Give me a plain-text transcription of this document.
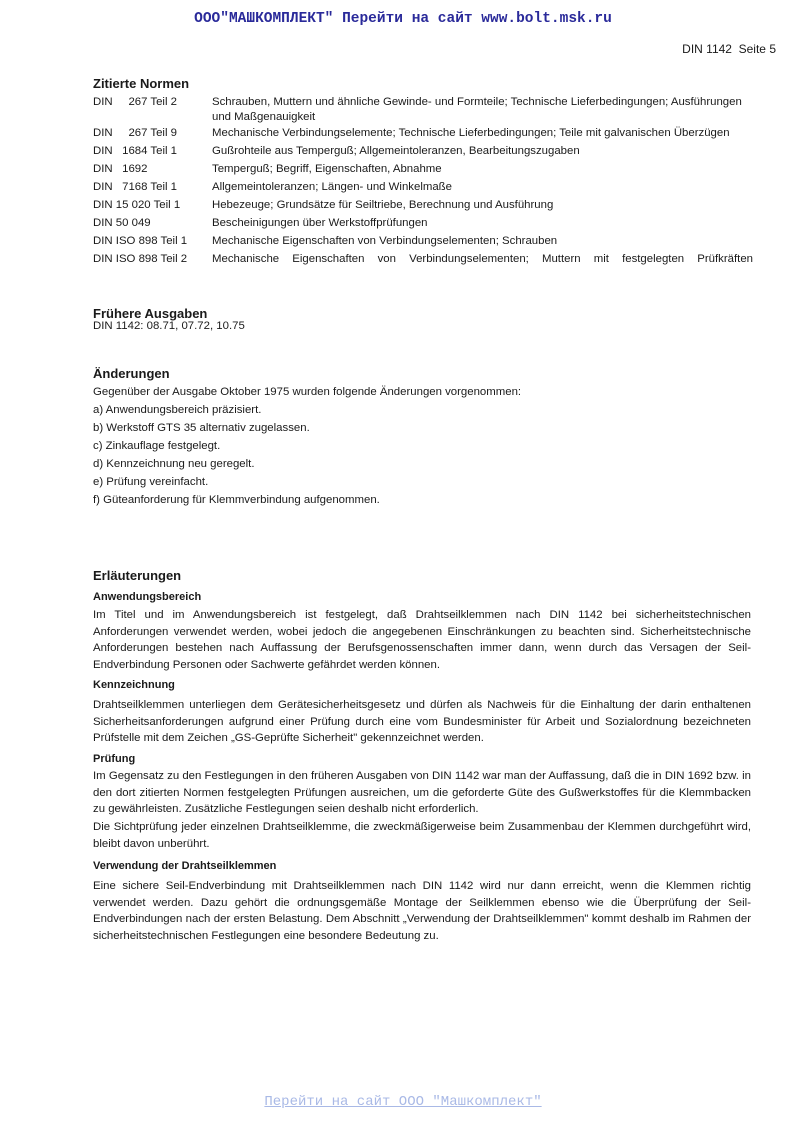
ООО"МАШКОМПЛЕКТ" Перейти на сайт www.bolt.msk.ru
DIN 1142  Seite 5
Zitierte Normen
DIN     267 Teil 2	Schrauben, Muttern und ähnliche Gewinde- und Formteile; Technische Lieferbedingungen; Ausführungen und Maßgenauigkeit
DIN     267 Teil 9	Mechanische Verbindungselemente; Technische Lieferbedingungen; Teile mit galvanischen Überzügen
DIN   1684 Teil 1	Gußrohteile aus Temperguß; Allgemeintoleranzen, Bearbeitungszugaben
DIN   1692	Temperguß; Begriff, Eigenschaften, Abnahme
DIN   7168 Teil 1	Allgemeintoleranzen; Längen- und Winkelmaße
DIN 15 020 Teil 1	Hebezeuge; Grundsätze für Seiltriebe, Berechnung und Ausführung
DIN 50 049	Bescheinigungen über Werkstoffprüfungen
DIN ISO 898 Teil 1	Mechanische Eigenschaften von Verbindungselementen; Schrauben
DIN ISO 898 Teil 2	Mechanische Eigenschaften von Verbindungselementen; Muttern mit festgelegten Prüfkräften
Frühere Ausgaben
DIN 1142: 08.71, 07.72, 10.75
Änderungen
Gegenüber der Ausgabe Oktober 1975 wurden folgende Änderungen vorgenommen:
a) Anwendungsbereich präzisiert.
b) Werkstoff GTS 35 alternativ zugelassen.
c) Zinkauflage festgelegt.
d) Kennzeichnung neu geregelt.
e) Prüfung vereinfacht.
f) Güteanforderung für Klemmverbindung aufgenommen.
Erläuterungen
Anwendungsbereich

Im Titel und im Anwendungsbereich ist festgelegt, daß Drahtseilklemmen nach DIN 1142 bei sicherheitstechnischen Anforderungen verwendet werden, wobei jedoch die angegebenen Einschränkungen zu beachten sind. Sicherheitstechnische Anforderungen bestehen nach Auffassung der Berufsgenossenschaften immer dann, wenn durch das Versagen der Seil-Endverbindung Personen oder Sachwerte gefährdet werden können.

Kennzeichnung

Drahtseilklemmen unterliegen dem Gerätesicherheitsgesetz und dürfen als Nachweis für die Einhaltung der darin enthaltenen Sicherheitsanforderungen aufgrund einer Prüfung durch eine vom Bundesminister für Arbeit und Sozialordnung bezeichneten Prüfstelle mit dem Zeichen „GS-Geprüfte Sicherheit" gekennzeichnet werden.

Prüfung

Im Gegensatz zu den Festlegungen in den früheren Ausgaben von DIN 1142 war man der Auffassung, daß die in DIN 1692 bzw. in den dort zitierten Normen festgelegten Prüfungen ausreichen, um die geforderte Güte des Gußwerkstoffes für die Klemmbacken zu gewährleisten. Zusätzliche Festlegungen seien deshalb nicht erforderlich.

Die Sichtprüfung jeder einzelnen Drahtseilklemme, die zweckmäßigerweise beim Zusammenbau der Klemmen durchgeführt wird, bleibt davon unberührt.

Verwendung der Drahtseilklemmen

Eine sichere Seil-Endverbindung mit Drahtseilklemmen nach DIN 1142 wird nur dann erreicht, wenn die Klemmen richtig verwendet werden. Dazu gehört die ordnungsgemäße Montage der Seilklemmen ebenso wie die Überprüfung der Seil-Endverbindungen nach der ersten Belastung. Dem Abschnitt „Verwendung der Drahtseilklemmen" kommt deshalb im Rahmen der sicherheitstechnischen Festlegungen eine besondere Bedeutung zu.

Перейти на сайт ООО "Машкомплект"
